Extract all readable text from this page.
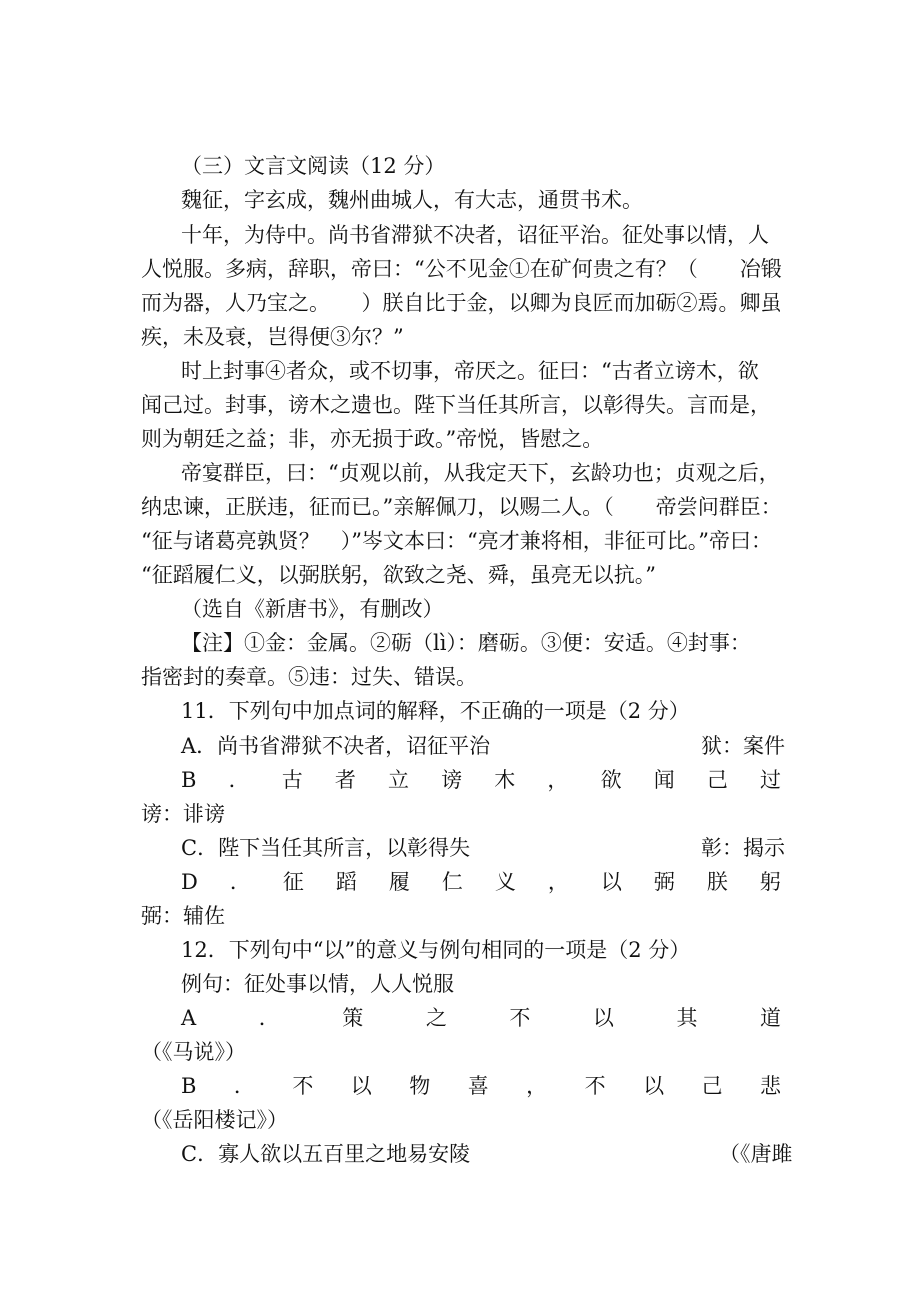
（三）文言文阅读（12 分）
魏征，字玄成，魏州曲城人，有大志，通贯书术。
十年，为侍中。尚书省滞狱不决者，诏征平治。征处事以情，人
人悦服。多病，辞职，帝曰：“公不见金①在矿何贵之有？（　　冶锻
而为器，人乃宝之。　　）朕自比于金，以卿为良匠而加砺②焉。卿虽
疾，未及衰，岂得便③尔？”
时上封事④者众，或不切事，帝厌之。征曰：“古者立谤木，欲
闻己过。封事，谤木之遗也。陛下当任其所言，以彰得失。言而是，
则为朝廷之益；非，亦无损于政。”帝悦，皆慰之。
帝宴群臣，曰：“贞观以前，从我定天下，玄龄功也；贞观之后，
纳忠谏，正朕违，征而已。”亲解佩刀，以赐二人。（　　帝尝问群臣：
“征与诸葛亮孰贤？　）”岑文本曰：“亮才兼将相，非征可比。”帝曰：
“征蹈履仁义，以弼朕躬，欲致之尧、舜，虽亮无以抗。”
（选自《新唐书》，有删改）
【注】①金：金属。②砺（lì）：磨砺。③便：安适。④封事：
指密封的奏章。⑤违：过失、错误。
11．下列句中加点词的解释，不正确的一项是（2 分）
A．尚书省滞狱不决者，诏征平治	狱：案件
B ． 古 者 立 谤 木 ， 欲 闻 己 过
谤：诽谤
C．陛下当任其所言，以彰得失	彰：揭示
D ． 征 蹈 履 仁 义 ， 以 弼 朕 躬
弼：辅佐
12．下列句中“以”的意义与例句相同的一项是（2 分）
例句：征处事以情，人人悦服
A	．	策	之	不	以	其	道
（《马说》）
B ． 不 以 物 喜 ， 不 以 己 悲
（《岳阳楼记》）
C．寡人欲以五百里之地易安陵	（《唐雎
